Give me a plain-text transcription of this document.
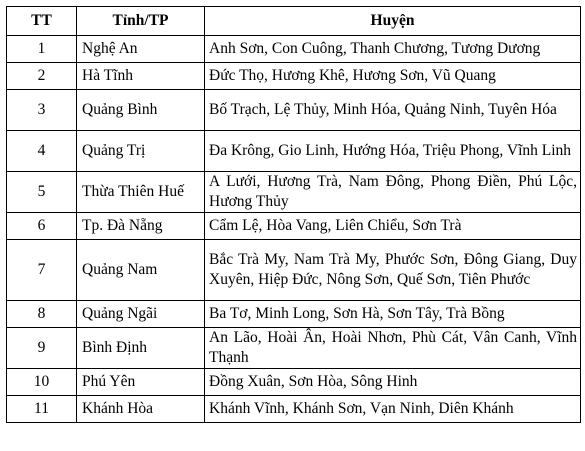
TT	Tỉnh/TP	Huyện
1	Nghệ An	Anh Sơn, Con Cuông, Thanh Chương, Tương Dương
2	Hà Tĩnh	Đức Thọ, Hương Khê, Hương Sơn, Vũ Quang
3	Quảng Bình	Bố Trạch, Lệ Thủy, Minh Hóa, Quảng Ninh, Tuyên Hóa
4	Quảng Trị	Đa Krông, Gio Linh, Hướng Hóa, Triệu Phong, Vĩnh Linh
5	Thừa Thiên Huế	A Lưới, Hương Trà, Nam Đông, Phong Điền, Phú Lộc, Hương Thủy
6	Tp. Đà Nẵng	Cẩm Lệ, Hòa Vang, Liên Chiểu, Sơn Trà
7	Quảng Nam	Bắc Trà My, Nam Trà My, Phước Sơn, Đông Giang, Duy Xuyên, Hiệp Đức, Nông Sơn, Quế Sơn, Tiên Phước
8	Quảng Ngãi	Ba Tơ, Minh Long, Sơn Hà, Sơn Tây, Trà Bồng
9	Bình Định	An Lão, Hoài Ân, Hoài Nhơn, Phù Cát, Vân Canh, Vĩnh Thạnh
10	Phú Yên	Đồng Xuân, Sơn Hòa, Sông Hinh
11	Khánh Hòa	Khánh Vĩnh, Khánh Sơn, Vạn Ninh, Diên Khánh
